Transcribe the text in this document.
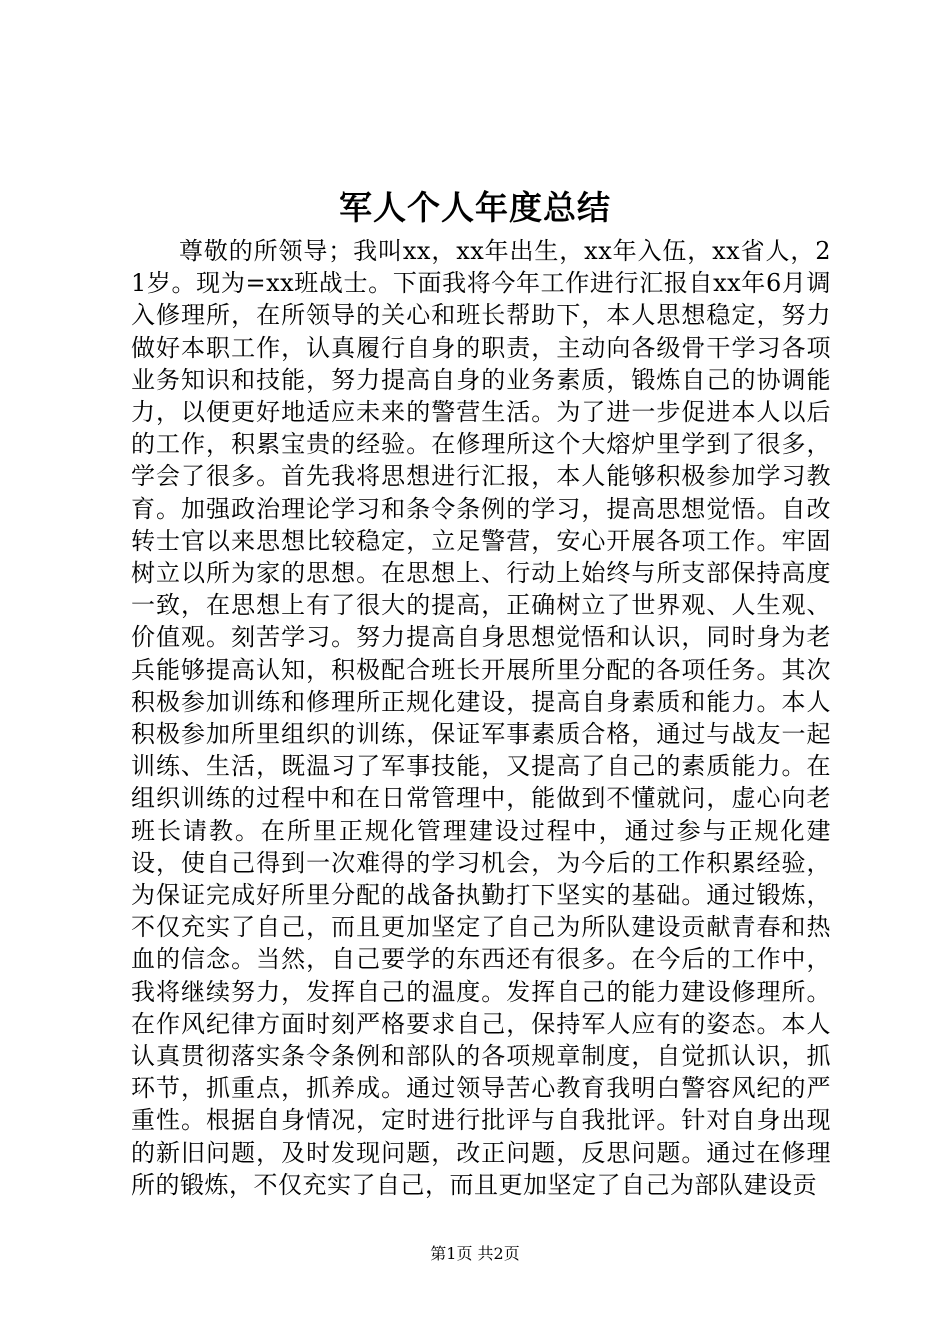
军人个人年度总结

尊敬的所领导；我叫xx，xx年出生，xx年入伍，xx省人，21岁。现为=xx班战士。下面我将今年工作进行汇报自xx年6月调入修理所，在所领导的关心和班长帮助下，本人思想稳定，努力做好本职工作，认真履行自身的职责，主动向各级骨干学习各项业务知识和技能，努力提高自身的业务素质，锻炼自己的协调能力，以便更好地适应未来的警营生活。为了进一步促进本人以后的工作，积累宝贵的经验。在修理所这个大熔炉里学到了很多，学会了很多。首先我将思想进行汇报，本人能够积极参加学习教育。加强政治理论学习和条令条例的学习，提高思想觉悟。自改转士官以来思想比较稳定，立足警营，安心开展各项工作。牢固树立以所为家的思想。在思想上、行动上始终与所支部保持高度一致，在思想上有了很大的提高，正确树立了世界观、人生观、价值观。刻苦学习。努力提高自身思想觉悟和认识，同时身为老兵能够提高认知，积极配合班长开展所里分配的各项任务。其次积极参加训练和修理所正规化建设，提高自身素质和能力。本人积极参加所里组织的训练，保证军事素质合格，通过与战友一起训练、生活，既温习了军事技能，又提高了自己的素质能力。在组织训练的过程中和在日常管理中，能做到不懂就问，虚心向老班长请教。在所里正规化管理建设过程中，通过参与正规化建设，使自己得到一次难得的学习机会，为今后的工作积累经验，为保证完成好所里分配的战备执勤打下坚实的基础。通过锻炼，不仅充实了自己，而且更加坚定了自己为所队建设贡献青春和热血的信念。当然，自己要学的东西还有很多。在今后的工作中，我将继续努力，发挥自己的温度。发挥自己的能力建设修理所。在作风纪律方面时刻严格要求自己，保持军人应有的姿态。本人认真贯彻落实条令条例和部队的各项规章制度，自觉抓认识，抓环节，抓重点，抓养成。通过领导苦心教育我明白警容风纪的严重性。根据自身情况，定时进行批评与自我批评。针对自身出现的新旧问题，及时发现问题，改正问题，反思问题。通过在修理所的锻炼，不仅充实了自己，而且更加坚定了自己为部队建设贡

第1页 共2页
